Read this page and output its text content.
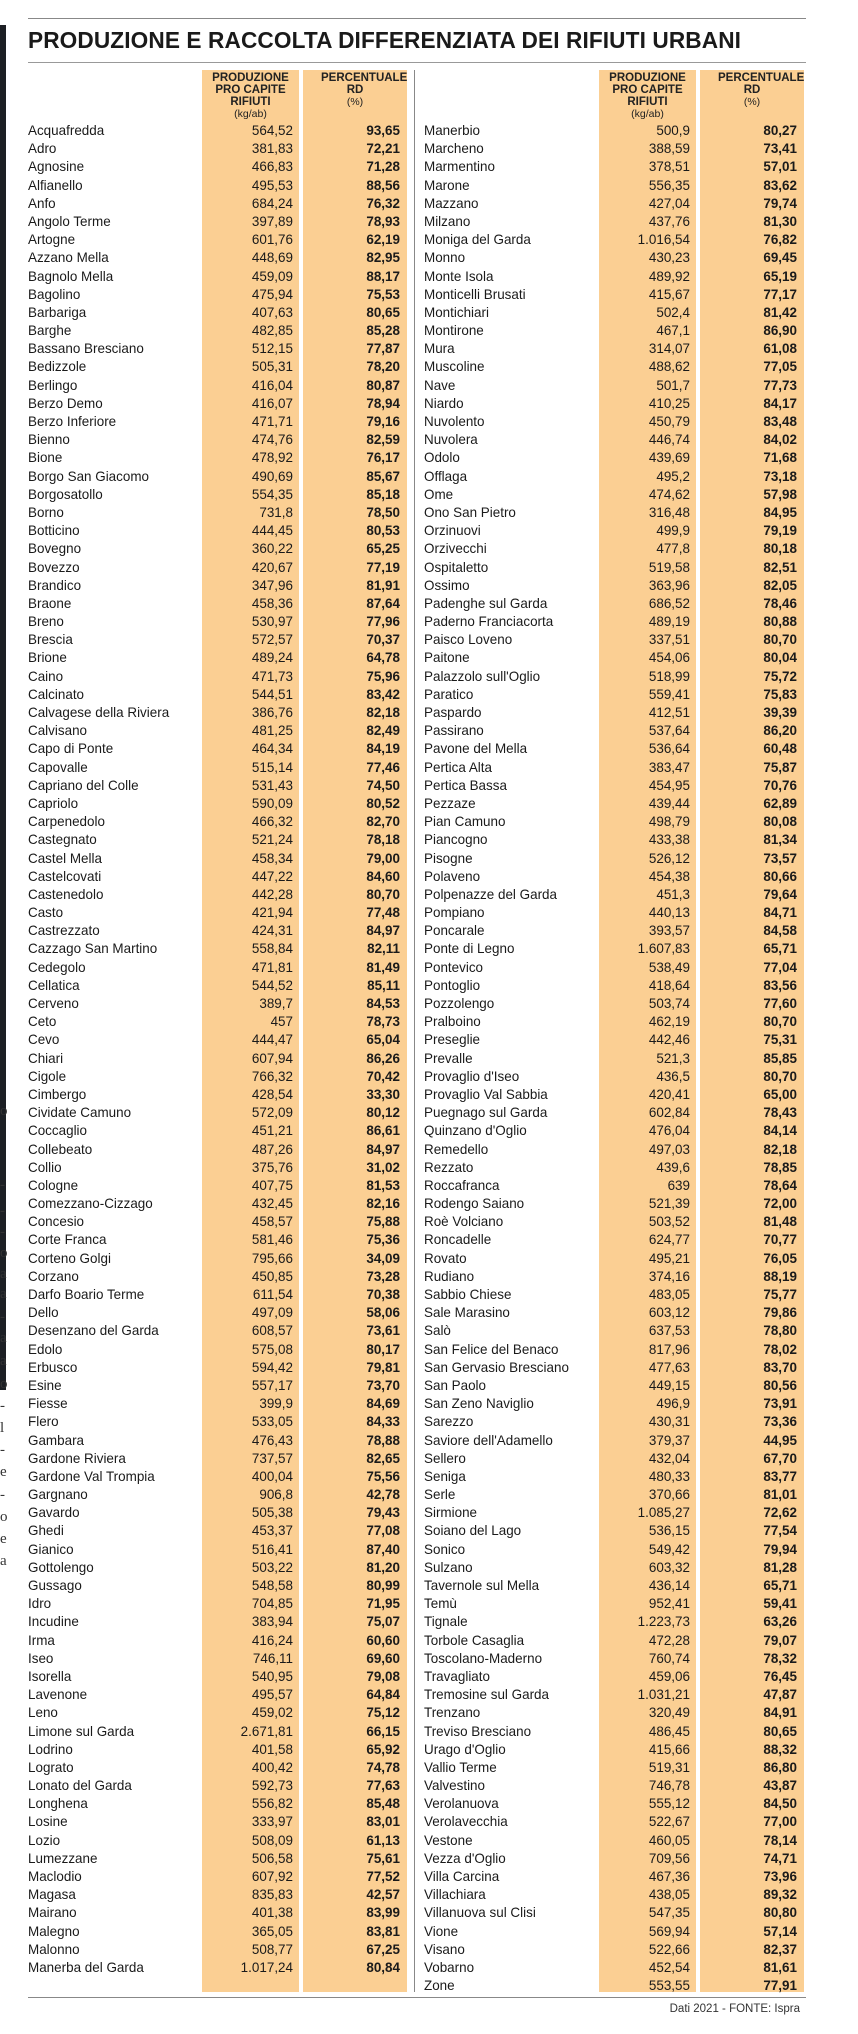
o
-
-
-
o
a
a
-
a
a
o
-
l
-
e
-
o
e
a
PRODUZIONE E RACCOLTA DIFFERENZIATA DEI RIFIUTI URBANI
PRODUZIONE PRO CAPITE RIFIUTI
(kg/ab)
PERCENTUALE RD
(%)
Acquafredda	564,52	93,65
Adro	381,83	72,21
Agnosine	466,83	71,28
Alfianello	495,53	88,56
Anfo	684,24	76,32
Angolo Terme	397,89	78,93
Artogne	601,76	62,19
Azzano Mella	448,69	82,95
Bagnolo Mella	459,09	88,17
Bagolino	475,94	75,53
Barbariga	407,63	80,65
Barghe	482,85	85,28
Bassano Bresciano	512,15	77,87
Bedizzole	505,31	78,20
Berlingo	416,04	80,87
Berzo Demo	416,07	78,94
Berzo Inferiore	471,71	79,16
Bienno	474,76	82,59
Bione	478,92	76,17
Borgo San Giacomo	490,69	85,67
Borgosatollo	554,35	85,18
Borno	731,8	78,50
Botticino	444,45	80,53
Bovegno	360,22	65,25
Bovezzo	420,67	77,19
Brandico	347,96	81,91
Braone	458,36	87,64
Breno	530,97	77,96
Brescia	572,57	70,37
Brione	489,24	64,78
Caino	471,73	75,96
Calcinato	544,51	83,42
Calvagese della Riviera	386,76	82,18
Calvisano	481,25	82,49
Capo di Ponte	464,34	84,19
Capovalle	515,14	77,46
Capriano del Colle	531,43	74,50
Capriolo	590,09	80,52
Carpenedolo	466,32	82,70
Castegnato	521,24	78,18
Castel Mella	458,34	79,00
Castelcovati	447,22	84,60
Castenedolo	442,28	80,70
Casto	421,94	77,48
Castrezzato	424,31	84,97
Cazzago San Martino	558,84	82,11
Cedegolo	471,81	81,49
Cellatica	544,52	85,11
Cerveno	389,7	84,53
Ceto	457	78,73
Cevo	444,47	65,04
Chiari	607,94	86,26
Cigole	766,32	70,42
Cimbergo	428,54	33,30
Cividate Camuno	572,09	80,12
Coccaglio	451,21	86,61
Collebeato	487,26	84,97
Collio	375,76	31,02
Cologne	407,75	81,53
Comezzano-Cizzago	432,45	82,16
Concesio	458,57	75,88
Corte Franca	581,46	75,36
Corteno Golgi	795,66	34,09
Corzano	450,85	73,28
Darfo Boario Terme	611,54	70,38
Dello	497,09	58,06
Desenzano del Garda	608,57	73,61
Edolo	575,08	80,17
Erbusco	594,42	79,81
Esine	557,17	73,70
Fiesse	399,9	84,69
Flero	533,05	84,33
Gambara	476,43	78,88
Gardone Riviera	737,57	82,65
Gardone Val Trompia	400,04	75,56
Gargnano	906,8	42,78
Gavardo	505,38	79,43
Ghedi	453,37	77,08
Gianico	516,41	87,40
Gottolengo	503,22	81,20
Gussago	548,58	80,99
Idro	704,85	71,95
Incudine	383,94	75,07
Irma	416,24	60,60
Iseo	746,11	69,60
Isorella	540,95	79,08
Lavenone	495,57	64,84
Leno	459,02	75,12
Limone sul Garda	2.671,81	66,15
Lodrino	401,58	65,92
Lograto	400,42	74,78
Lonato del Garda	592,73	77,63
Longhena	556,82	85,48
Losine	333,97	83,01
Lozio	508,09	61,13
Lumezzane	506,58	75,61
Maclodio	607,92	77,52
Magasa	835,83	42,57
Mairano	401,38	83,99
Malegno	365,05	83,81
Malonno	508,77	67,25
Manerba del Garda	1.017,24	80,84
PRODUZIONE PRO CAPITE RIFIUTI
(kg/ab)
PERCENTUALE RD
(%)
Manerbio	500,9	80,27
Marcheno	388,59	73,41
Marmentino	378,51	57,01
Marone	556,35	83,62
Mazzano	427,04	79,74
Milzano	437,76	81,30
Moniga del Garda	1.016,54	76,82
Monno	430,23	69,45
Monte Isola	489,92	65,19
Monticelli Brusati	415,67	77,17
Montichiari	502,4	81,42
Montirone	467,1	86,90
Mura	314,07	61,08
Muscoline	488,62	77,05
Nave	501,7	77,73
Niardo	410,25	84,17
Nuvolento	450,79	83,48
Nuvolera	446,74	84,02
Odolo	439,69	71,68
Offlaga	495,2	73,18
Ome	474,62	57,98
Ono San Pietro	316,48	84,95
Orzinuovi	499,9	79,19
Orzivecchi	477,8	80,18
Ospitaletto	519,58	82,51
Ossimo	363,96	82,05
Padenghe sul Garda	686,52	78,46
Paderno Franciacorta	489,19	80,88
Paisco Loveno	337,51	80,70
Paitone	454,06	80,04
Palazzolo sull'Oglio	518,99	75,72
Paratico	559,41	75,83
Paspardo	412,51	39,39
Passirano	537,64	86,20
Pavone del Mella	536,64	60,48
Pertica Alta	383,47	75,87
Pertica Bassa	454,95	70,76
Pezzaze	439,44	62,89
Pian Camuno	498,79	80,08
Piancogno	433,38	81,34
Pisogne	526,12	73,57
Polaveno	454,38	80,66
Polpenazze del Garda	451,3	79,64
Pompiano	440,13	84,71
Poncarale	393,57	84,58
Ponte di Legno	1.607,83	65,71
Pontevico	538,49	77,04
Pontoglio	418,64	83,56
Pozzolengo	503,74	77,60
Pralboino	462,19	80,70
Preseglie	442,46	75,31
Prevalle	521,3	85,85
Provaglio d'Iseo	436,5	80,70
Provaglio Val Sabbia	420,41	65,00
Puegnago sul Garda	602,84	78,43
Quinzano d'Oglio	476,04	84,14
Remedello	497,03	82,18
Rezzato	439,6	78,85
Roccafranca	639	78,64
Rodengo Saiano	521,39	72,00
Roè Volciano	503,52	81,48
Roncadelle	624,77	70,77
Rovato	495,21	76,05
Rudiano	374,16	88,19
Sabbio Chiese	483,05	75,77
Sale Marasino	603,12	79,86
Salò	637,53	78,80
San Felice del Benaco	817,96	78,02
San Gervasio Bresciano	477,63	83,70
San Paolo	449,15	80,56
San Zeno Naviglio	496,9	73,91
Sarezzo	430,31	73,36
Saviore dell'Adamello	379,37	44,95
Sellero	432,04	67,70
Seniga	480,33	83,77
Serle	370,66	81,01
Sirmione	1.085,27	72,62
Soiano del Lago	536,15	77,54
Sonico	549,42	79,94
Sulzano	603,32	81,28
Tavernole sul Mella	436,14	65,71
Temù	952,41	59,41
Tignale	1.223,73	63,26
Torbole Casaglia	472,28	79,07
Toscolano-Maderno	760,74	78,32
Travagliato	459,06	76,45
Tremosine sul Garda	1.031,21	47,87
Trenzano	320,49	84,91
Treviso Bresciano	486,45	80,65
Urago d'Oglio	415,66	88,32
Vallio Terme	519,31	86,80
Valvestino	746,78	43,87
Verolanuova	555,12	84,50
Verolavecchia	522,67	77,00
Vestone	460,05	78,14
Vezza d'Oglio	709,56	74,71
Villa Carcina	467,36	73,96
Villachiara	438,05	89,32
Villanuova sul Clisi	547,35	80,80
Vione	569,94	57,14
Visano	522,66	82,37
Vobarno	452,54	81,61
Zone	553,55	77,91
Dati 2021 - FONTE: Ispra
